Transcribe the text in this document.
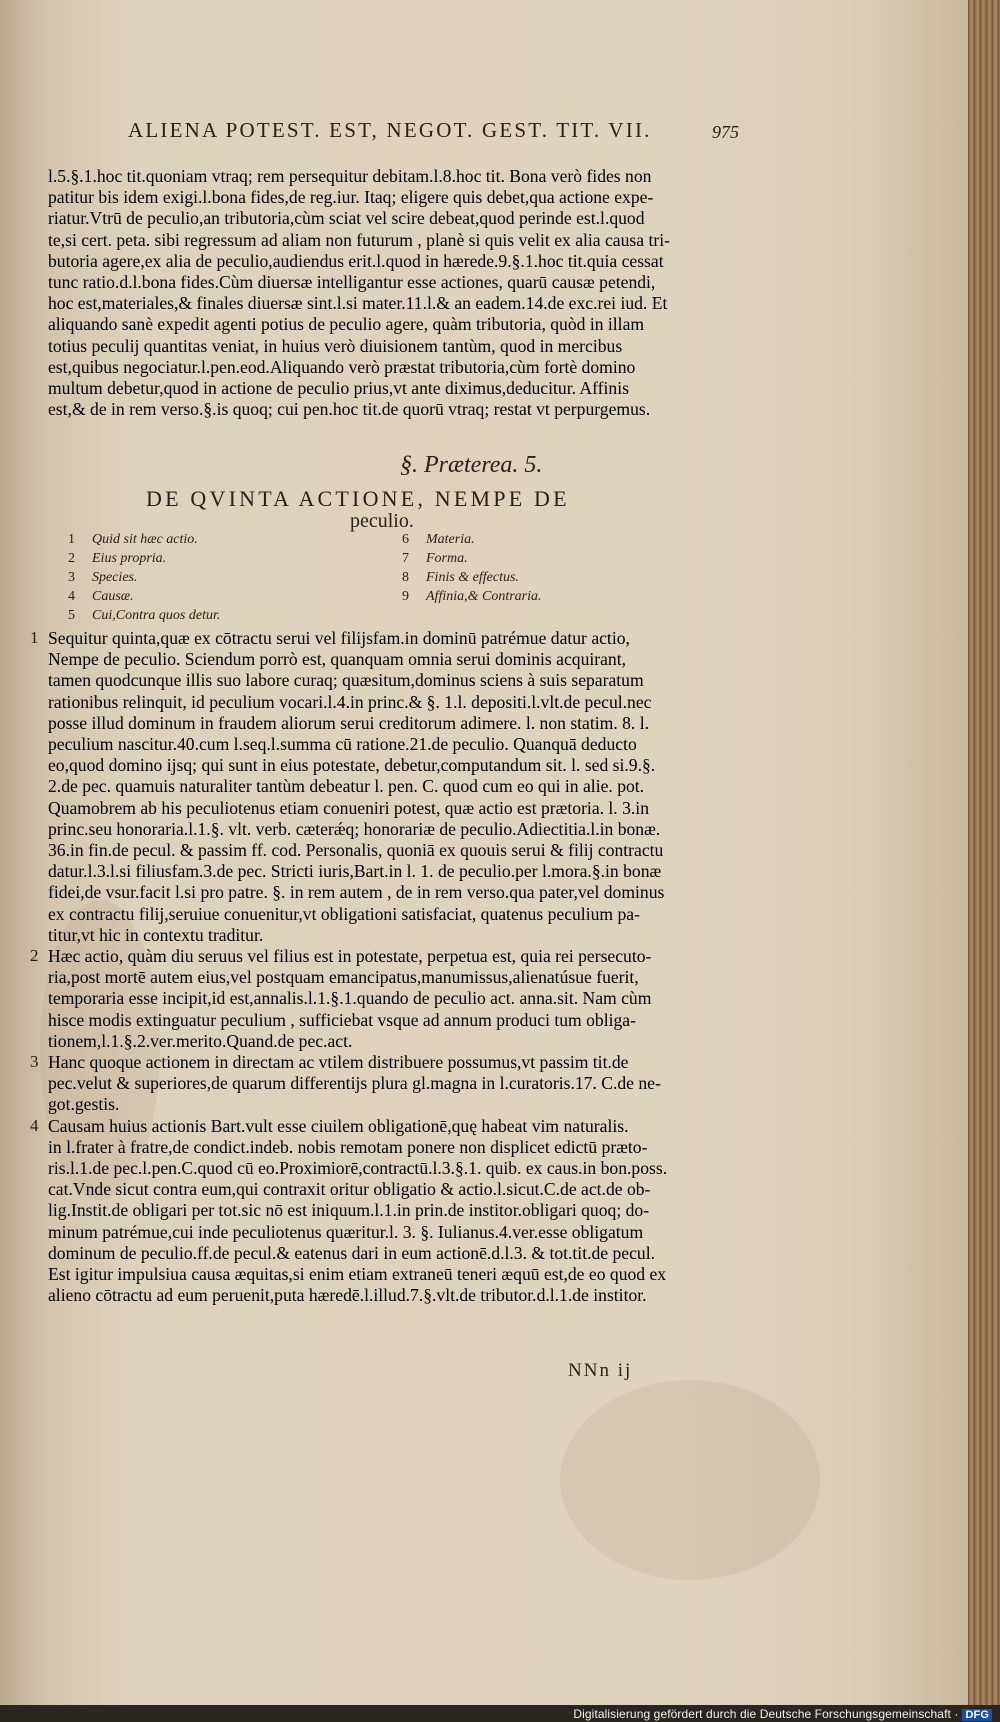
ALIENA POTEST. EST, NEGOT. GEST. TIT. VII.	975
l.5.§.1.hoc tit.quoniam vtraq; rem persequitur debitam.l.8.hoc tit. Bona verò fides non
patitur bis idem exigi.l.bona fides,de reg.iur. Itaq; eligere quis debet,qua actione expe-
riatur.Vtrū de peculio,an tributoria,cùm sciat vel scire debeat,quod perinde est.l.quod
te,si cert. peta. sibi regressum ad aliam non futurum , planè si quis velit ex alia causa tri-
butoria agere,ex alia de peculio,audiendus erit.l.quod in hærede.9.§.1.hoc tit.quia cessat
tunc ratio.d.l.bona fides.Cùm diuersæ intelligantur esse actiones, quarū causæ petendi,
hoc est,materiales,& finales diuersæ sint.l.si mater.11.l.& an eadem.14.de exc.rei iud. Et
aliquando sanè expedit agenti potius de peculio agere, quàm tributoria, quòd in illam
totius peculij quantitas veniat, in huius verò diuisionem tantùm, quod in mercibus
est,quibus negociatur.l.pen.eod.Aliquando verò præstat tributoria,cùm fortè domino
multum debetur,quod in actione de peculio prius,vt ante diximus,deducitur. Affinis
est,& de in rem verso.§.is quoq; cui pen.hoc tit.de quorū vtraq; restat vt perpurgemus.
§. Præterea. 5.
DE QVINTA ACTIONE, NEMPE DE
peculio.
1	Quid sit hæc actio.
2	Eius propria.
3	Species.
4	Causæ.
5	Cui,Contra quos detur.
6	Materia.
7	Forma.
8	Finis & effectus.
9	Affinia,& Contraria.
1 Sequitur quinta,quæ ex cōtractu serui vel filijsfam.in dominū patrémue datur actio,
Nempe de peculio. Sciendum porrò est, quanquam omnia serui dominis acquirant,
tamen quodcunque illis suo labore curaq; quæsitum,dominus sciens à suis separatum
rationibus relinquit, id peculium vocari.l.4.in princ.& §. 1.l. depositi.l.vlt.de pecul.nec
posse illud dominum in fraudem aliorum serui creditorum adimere. l. non statim. 8. l.
peculium nascitur.40.cum l.seq.l.summa cū ratione.21.de peculio. Quanquā deducto
eo,quod domino ijsq; qui sunt in eius potestate, debetur,computandum sit. l. sed si.9.§.
2.de pec. quamuis naturaliter tantùm debeatur l. pen. C. quod cum eo qui in alie. pot.
Quamobrem ab his peculiotenus etiam conueniri potest, quæ actio est prætoria. l. 3.in
princ.seu honoraria.l.1.§. vlt. verb. cæterǽq; honorariæ de peculio.Adiectitia.l.in bonæ.
36.in fin.de pecul. & passim ff. cod. Personalis, quoniā ex quouis serui & filij contractu
datur.l.3.l.si filiusfam.3.de pec. Stricti iuris,Bart.in l. 1. de peculio.per l.mora.§.in bonæ
fidei,de vsur.facit l.si pro patre. §. in rem autem , de in rem verso.qua pater,vel dominus
ex contractu filij,seruiue conuenitur,vt obligationi satisfaciat, quatenus peculium pa-
titur,vt hic in contextu traditur.
2 Hæc actio, quàm diu seruus vel filius est in potestate, perpetua est, quia rei persecuto-
ria,post mortē autem eius,vel postquam emancipatus,manumissus,alienatúsue fuerit,
temporaria esse incipit,id est,annalis.l.1.§.1.quando de peculio act. anna.sit. Nam cùm
hisce modis extinguatur peculium , sufficiebat vsque ad annum produci tum obliga-
tionem,l.1.§.2.ver.merito.Quand.de pec.act.
3 Hanc quoque actionem in directam ac vtilem distribuere possumus,vt passim tit.de
pec.velut & superiores,de quarum differentijs plura gl.magna in l.curatoris.17. C.de ne-
got.gestis.
4 Causam huius actionis Bart.vult esse ciuilem obligationē,quę habeat vim naturalis.
in l.frater à fratre,de condict.indeb. nobis remotam ponere non displicet edictū præto-
ris.l.1.de pec.l.pen.C.quod cū eo.Proximiorē,contractū.l.3.§.1. quib. ex caus.in bon.poss.
cat.Vnde sicut contra eum,qui contraxit oritur obligatio & actio.l.sicut.C.de act.de ob-
lig.Instit.de obligari per tot.sic nō est iniquum.l.1.in prin.de institor.obligari quoq; do-
minum patrémue,cui inde peculiotenus quæritur.l. 3. §. Iulianus.4.ver.esse obligatum
dominum de peculio.ff.de pecul.& eatenus dari in eum actionē.d.l.3. & tot.tit.de pecul.
Est igitur impulsiua causa æquitas,si enim etiam extraneū teneri æquū est,de eo quod ex
alieno cōtractu ad eum peruenit,puta hæredē.l.illud.7.§.vlt.de tributor.d.l.1.de institor.
NNn ij
Digitalisierung gefördert durch die Deutsche Forschungsgemeinschaft · DFG
